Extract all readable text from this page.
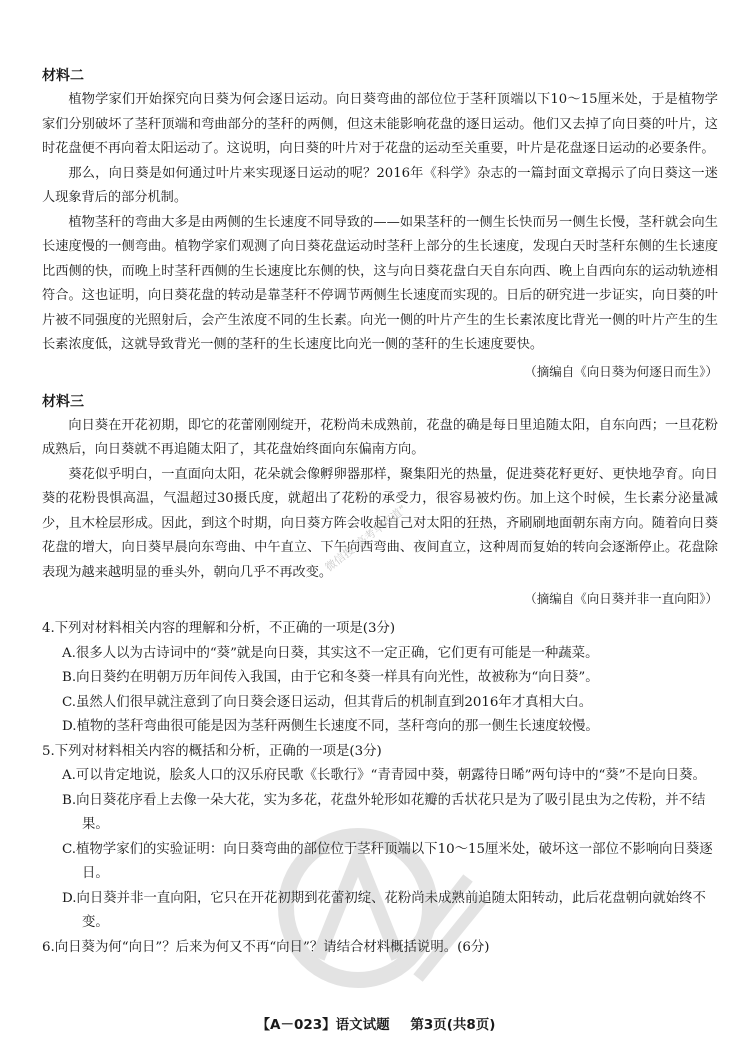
材料二

植物学家们开始探究向日葵为何会逐日运动。向日葵弯曲的部位位于茎秆顶端以下10～15厘米处，于是植物学家们分别破坏了茎秆顶端和弯曲部分的茎秆的两侧，但这未能影响花盘的逐日运动。他们又去掉了向日葵的叶片，这时花盘便不再向着太阳运动了。这说明，向日葵的叶片对于花盘的运动至关重要，叶片是花盘逐日运动的必要条件。

那么，向日葵是如何通过叶片来实现逐日运动的呢？2016年《科学》杂志的一篇封面文章揭示了向日葵这一迷人现象背后的部分机制。

植物茎秆的弯曲大多是由两侧的生长速度不同导致的——如果茎秆的一侧生长快而另一侧生长慢，茎秆就会向生长速度慢的一侧弯曲。植物学家们观测了向日葵花盘运动时茎秆上部分的生长速度，发现白天时茎秆东侧的生长速度比西侧的快，而晚上时茎秆西侧的生长速度比东侧的快，这与向日葵花盘白天自东向西、晚上自西向东的运动轨迹相符合。这也证明，向日葵花盘的转动是靠茎秆不停调节两侧生长速度而实现的。日后的研究进一步证实，向日葵的叶片被不同强度的光照射后，会产生浓度不同的生长素。向光一侧的叶片产生的生长素浓度比背光一侧的叶片产生的生长素浓度低，这就导致背光一侧的茎秆的生长速度比向光一侧的茎秆的生长速度要快。

（摘编自《向日葵为何逐日而生》）

材料三

向日葵在开花初期，即它的花蕾刚刚绽开，花粉尚未成熟前，花盘的确是每日里追随太阳，自东向西；一旦花粉成熟后，向日葵就不再追随太阳了，其花盘始终面向东偏南方向。

葵花似乎明白，一直面向太阳，花朵就会像孵卵器那样，聚集阳光的热量，促进葵花籽更好、更快地孕育。向日葵的花粉畏惧高温，气温超过30摄氏度，就超出了花粉的承受力，很容易被灼伤。加上这个时候，生长素分泌量减少，且木栓层形成。因此，到这个时期，向日葵方阵会收起自己对太阳的狂热，齐刷刷地面朝东南方向。随着向日葵花盘的增大，向日葵早晨向东弯曲、中午直立、下午向西弯曲、夜间直立，这种周而复始的转向会逐渐停止。花盘除表现为越来越明显的垂头外，朝向几乎不再改变。

（摘编自《向日葵并非一直向阳》）

4.下列对材料相关内容的理解和分析，不正确的一项是(3分)

A.很多人以为古诗词中的“葵”就是向日葵，其实这不一定正确，它们更有可能是一种蔬菜。

B.向日葵约在明朝万历年间传入我国，由于它和冬葵一样具有向光性，故被称为“向日葵”。

C.虽然人们很早就注意到了向日葵会逐日运动，但其背后的机制直到2016年才真相大白。

D.植物的茎秆弯曲很可能是因为茎秆两侧生长速度不同，茎秆弯向的那一侧生长速度较慢。

5.下列对材料相关内容的概括和分析，正确的一项是(3分)

A.可以肯定地说，脍炙人口的汉乐府民歌《长歌行》“青青园中葵，朝露待日晞”两句诗中的“葵”不是向日葵。

B.向日葵花序看上去像一朵大花，实为多花，花盘外轮形如花瓣的舌状花只是为了吸引昆虫为之传粉，并不结果。

C.植物学家们的实验证明：向日葵弯曲的部位位于茎秆顶端以下10～15厘米处，破坏这一部位不影响向日葵逐日。

D.向日葵并非一直向阳，它只在开花初期到花蕾初绽、花粉尚未成熟前追随太阳转动，此后花盘朝向就始终不变。

6.向日葵为何“向日”？后来为何又不再“向日”？请结合材料概括说明。(6分)

微信搜“高考早知道”
【A－023】语文试题 第3页(共8页)
